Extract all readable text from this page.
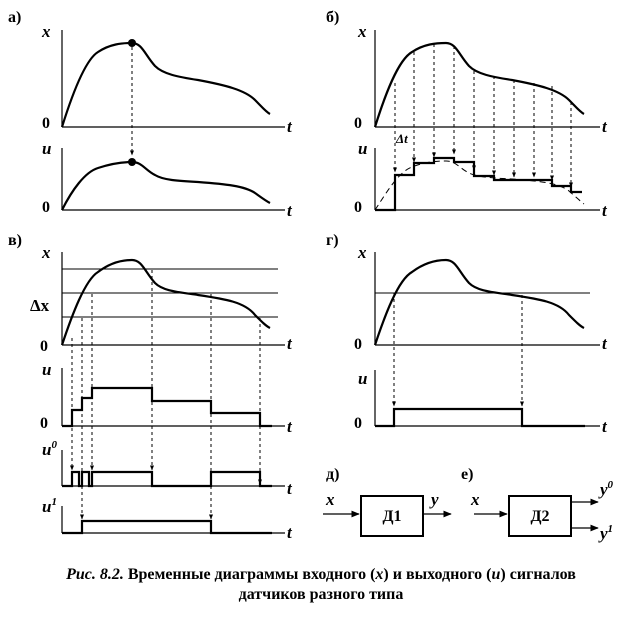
а)
x
0	t
u
0	t
б)
x
0	t
Δt
u
0	t
в)
x
0	t
Δx
u
0	t
$u^0$
t
$u^1$
t
г)
x
0	t
u
0	t
д)
Д1
x	y
е)
Д2
x
$y^0$
$y^1$
Рис. 8.2. Временные диаграммы входного (x) и выходного (u) сигналов
датчиков разного типа
